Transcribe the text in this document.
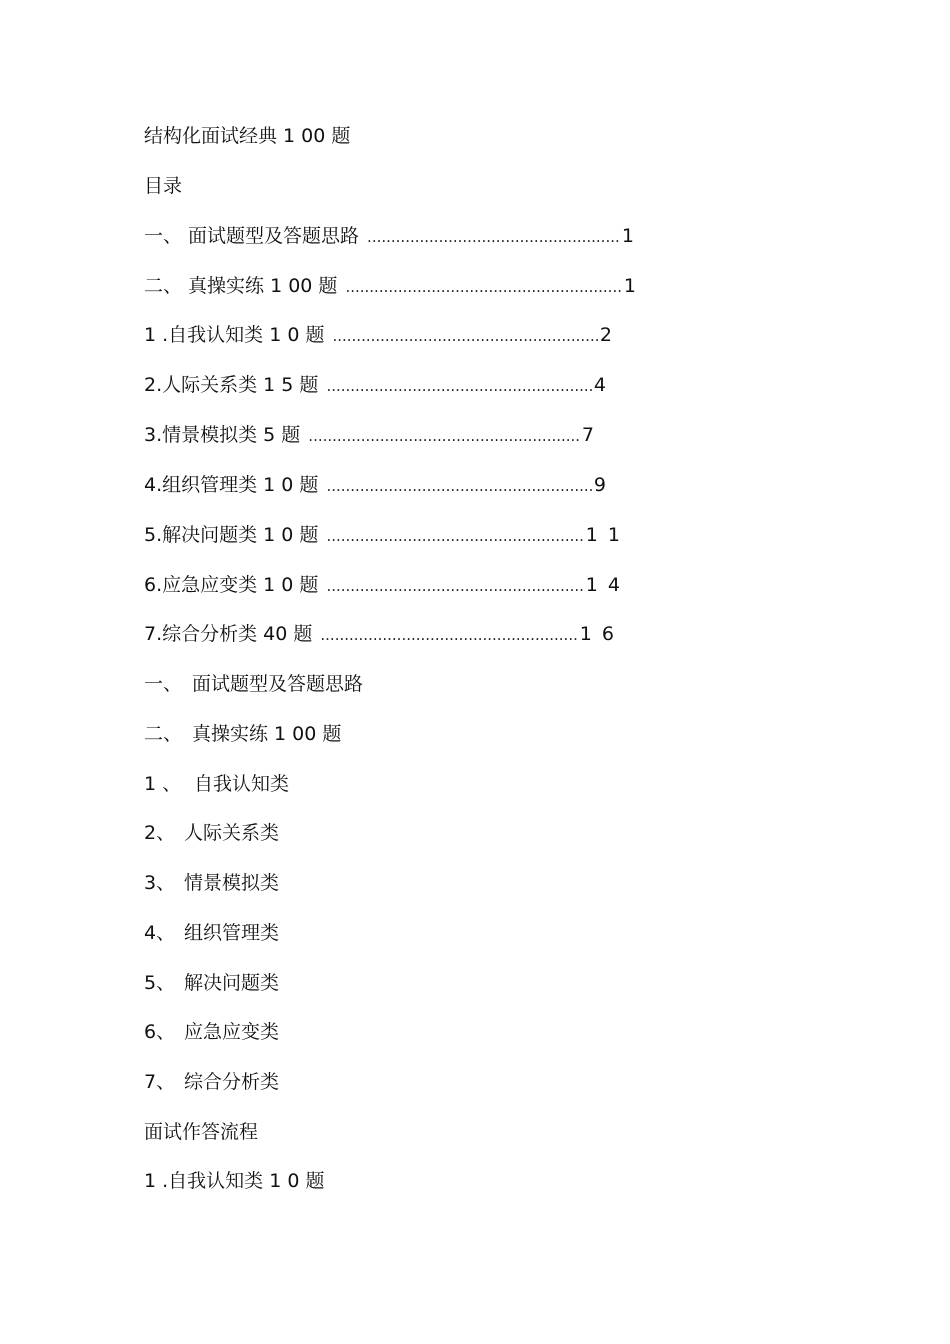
结构化面试经典 1 00 题
目录
一、 面试题型及答题思路 .....	1
二、 真操实练 1 00 题 .....	1
1 .自我认知类 1 0 题 .....	2
2.人际关系类 1 5 题 .....	4
3.情景模拟类 5 题 .....	7
4.组织管理类 1 0 题 .....	9
5.解决问题类 1 0 题 .....	1 1
6.应急应变类 1 0 题 .....	1 4
7.综合分析类 40 题 .....	1 6
一、 面试题型及答题思路
二、 真操实练 1 00 题
1 、 自我认知类
2、 人际关系类
3、 情景模拟类
4、 组织管理类
5、 解决问题类
6、 应急应变类
7、 综合分析类
面试作答流程
1 .自我认知类 1 0 题
